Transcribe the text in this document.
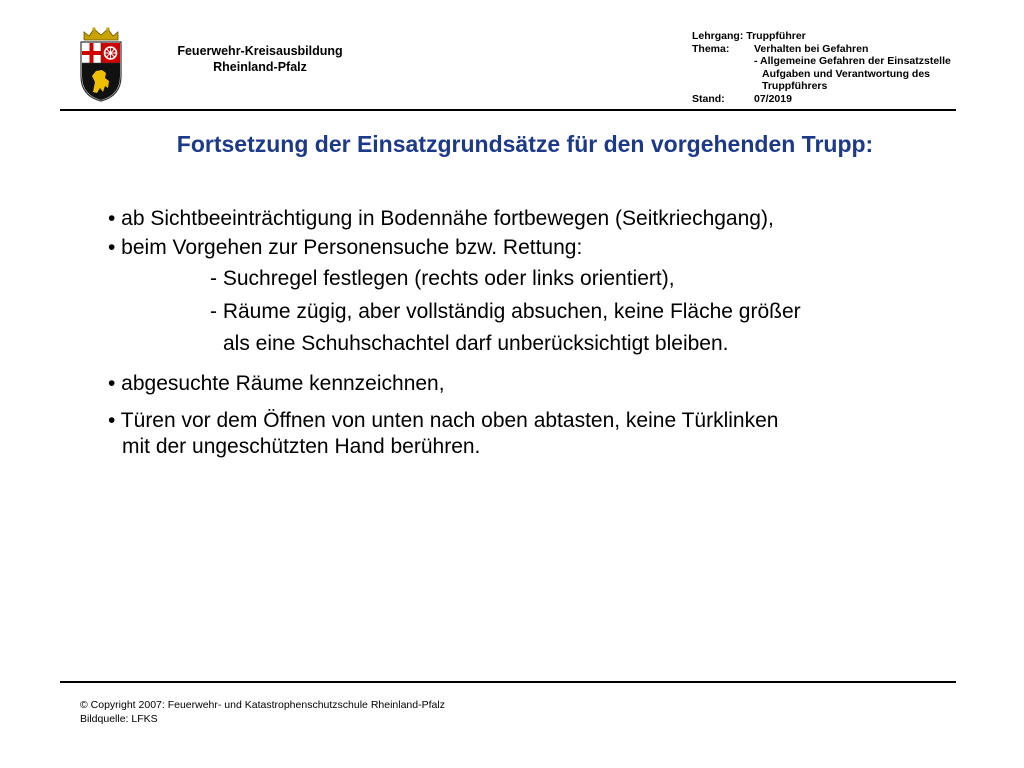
Feuerwehr-Kreisausbildung
Rheinland-Pfalz
Lehrgang: Truppführer
Thema: Verhalten bei Gefahren
- Allgemeine Gefahren der Einsatzstelle
Aufgaben und Verantwortung des
Truppführers
Stand:	07/2019
Fortsetzung der Einsatzgrundsätze für den vorgehenden Trupp:
• ab Sichtbeeinträchtigung in Bodennähe fortbewegen (Seitkriechgang),
• beim Vorgehen zur Personensuche bzw. Rettung:
- Suchregel festlegen (rechts oder links orientiert),
- Räume zügig, aber vollständig absuchen, keine Fläche größer
als eine Schuhschachtel darf unberücksichtigt bleiben.
• abgesuchte Räume kennzeichnen,
• Türen vor dem Öffnen von unten nach oben abtasten, keine Türklinken
mit der ungeschützten Hand berühren.
© Copyright 2007: Feuerwehr- und Katastrophenschutzschule Rheinland-Pfalz
Bildquelle: LFKS
